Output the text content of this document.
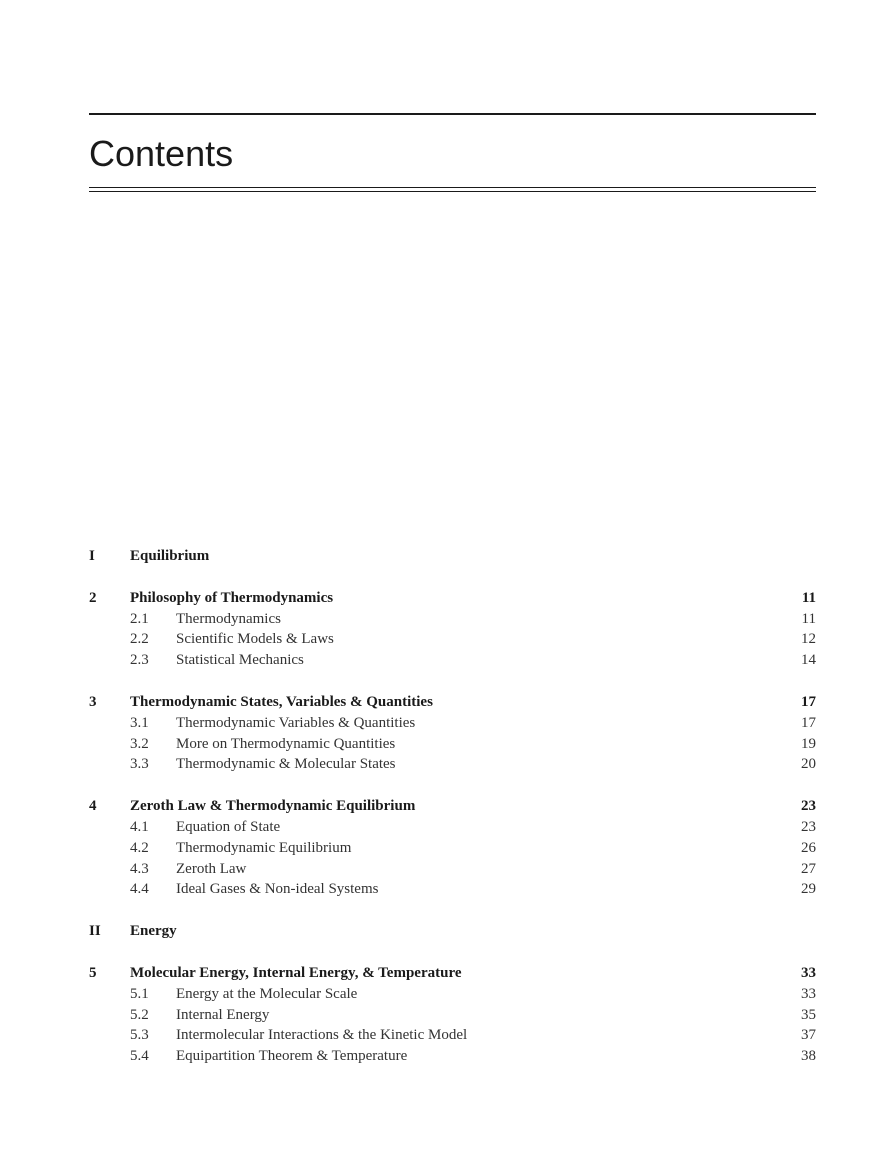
Contents
I	Equilibrium
2	Philosophy of Thermodynamics	11
2.1	Thermodynamics	11
2.2	Scientific Models & Laws	12
2.3	Statistical Mechanics	14
3	Thermodynamic States, Variables & Quantities	17
3.1	Thermodynamic Variables & Quantities	17
3.2	More on Thermodynamic Quantities	19
3.3	Thermodynamic & Molecular States	20
4	Zeroth Law & Thermodynamic Equilibrium	23
4.1	Equation of State	23
4.2	Thermodynamic Equilibrium	26
4.3	Zeroth Law	27
4.4	Ideal Gases & Non-ideal Systems	29
II	Energy
5	Molecular Energy, Internal Energy, & Temperature	33
5.1	Energy at the Molecular Scale	33
5.2	Internal Energy	35
5.3	Intermolecular Interactions & the Kinetic Model	37
5.4	Equipartition Theorem & Temperature	38
